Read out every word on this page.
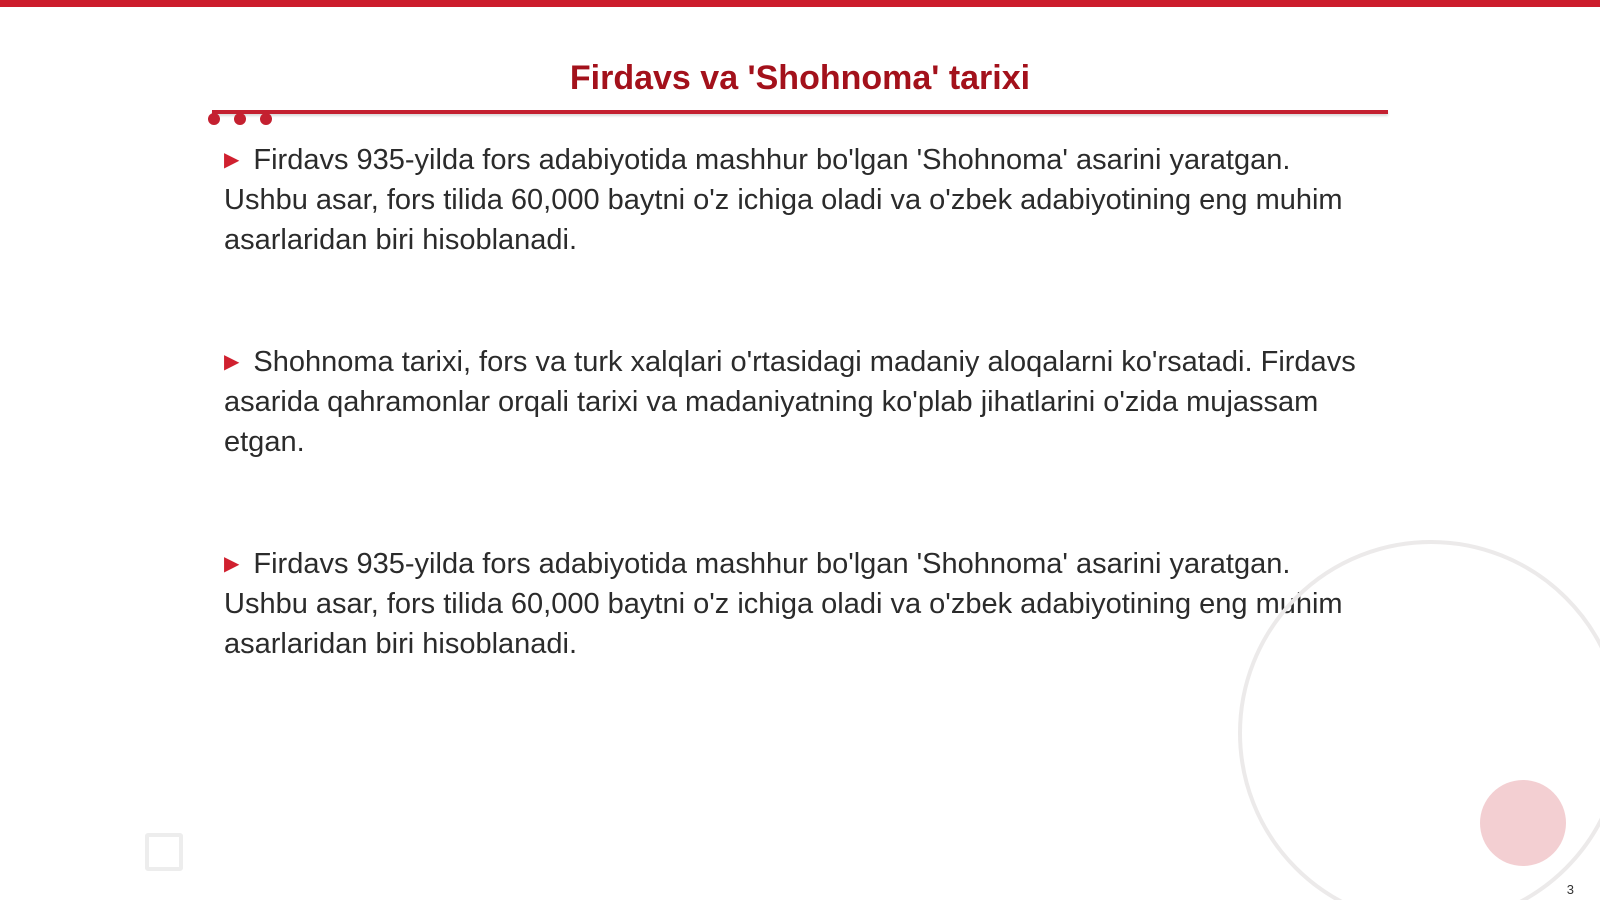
Firdavs va 'Shohnoma' tarixi

▶ Firdavs 935-yilda fors adabiyotida mashhur bo'lgan 'Shohnoma' asarini yaratgan. Ushbu asar, fors tilida 60,000 baytni o'z ichiga oladi va o'zbek adabiyotining eng muhim asarlaridan biri hisoblanadi.

▶ Shohnoma tarixi, fors va turk xalqlari o'rtasidagi madaniy aloqalarni ko'rsatadi. Firdavs asarida qahramonlar orqali tarixi va madaniyatning ko'plab jihatlarini o'zida mujassam etgan.

▶ Firdavs 935-yilda fors adabiyotida mashhur bo'lgan 'Shohnoma' asarini yaratgan. Ushbu asar, fors tilida 60,000 baytni o'z ichiga oladi va o'zbek adabiyotining eng muhim asarlaridan biri hisoblanadi.

3
